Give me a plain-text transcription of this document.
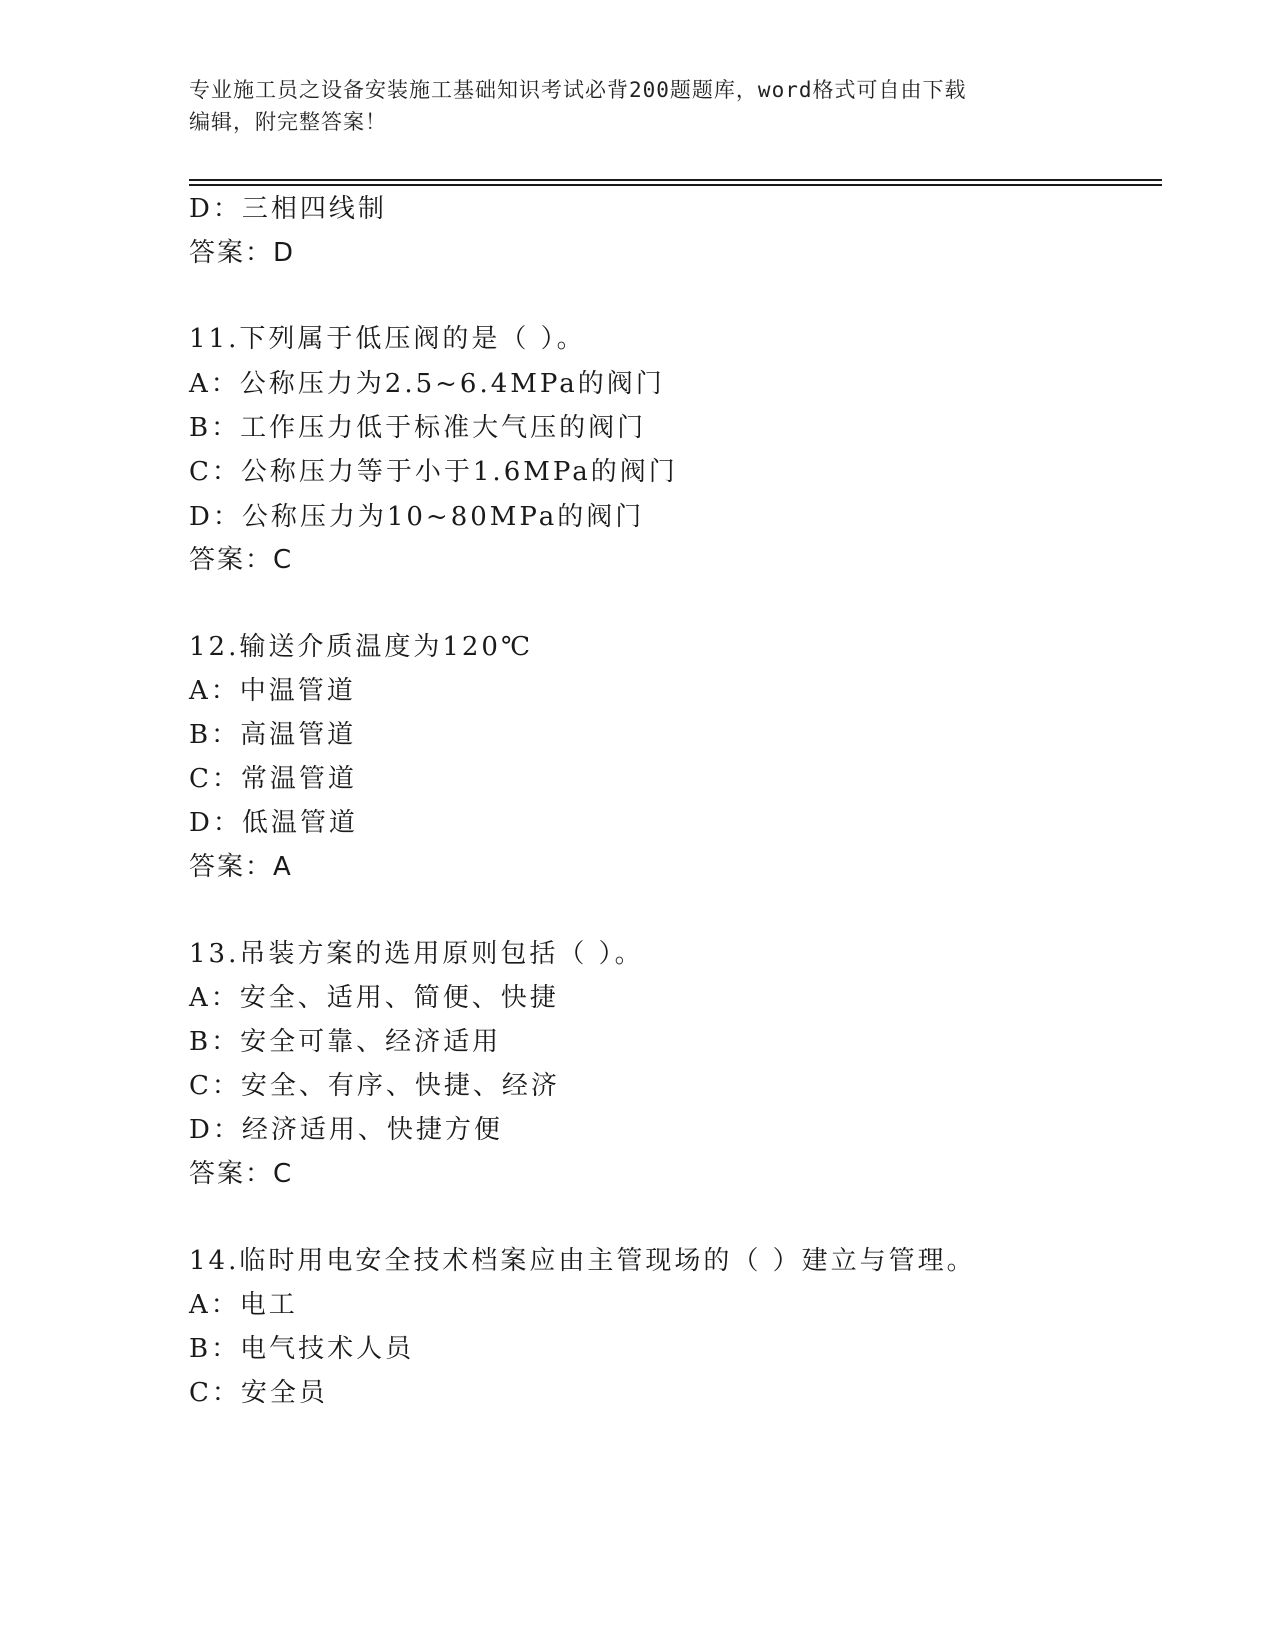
专业施工员之设备安装施工基础知识考试必背200题题库，word格式可自由下载
编辑，附完整答案！
D：三相四线制
答案：D
11.下列属于低压阀的是（ ）。
A：公称压力为2.5~6.4MPa的阀门
B：工作压力低于标准大气压的阀门
C：公称压力等于小于1.6MPa的阀门
D：公称压力为10~80MPa的阀门
答案：C
12.输送介质温度为120℃
A：中温管道
B：高温管道
C：常温管道
D：低温管道
答案：A
13.吊装方案的选用原则包括（ ）。
A：安全、适用、简便、快捷
B：安全可靠、经济适用
C：安全、有序、快捷、经济
D：经济适用、快捷方便
答案：C
14.临时用电安全技术档案应由主管现场的（ ）建立与管理。
A：电工
B：电气技术人员
C：安全员
